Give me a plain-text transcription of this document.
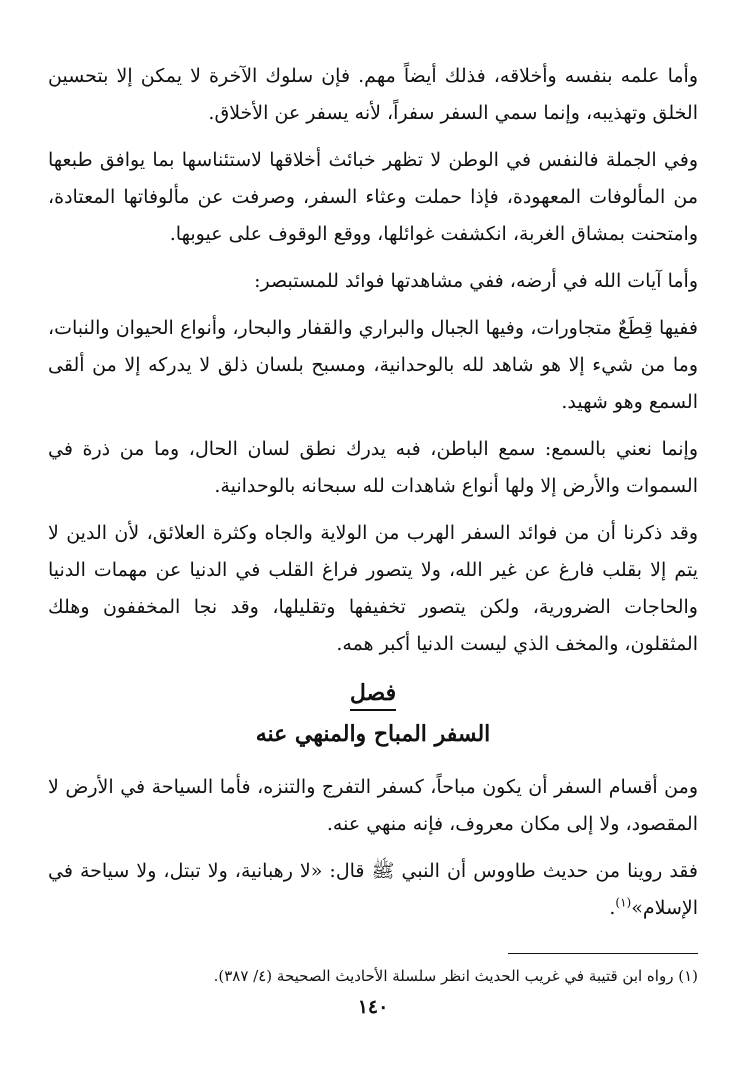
وأما علمه بنفسه وأخلاقه، فذلك أيضاً مهم. فإن سلوك الآخرة لا يمكن إلا بتحسين الخلق وتهذيبه، وإنما سمي السفر سفراً، لأنه يسفر عن الأخلاق.

وفي الجملة فالنفس في الوطن لا تظهر خبائث أخلاقها لاستئناسها بما يوافق طبعها من المألوفات المعهودة، فإذا حملت وعثاء السفر، وصرفت عن مألوفاتها المعتادة، وامتحنت بمشاق الغربة، انكشفت غوائلها، ووقع الوقوف على عيوبها.

وأما آيات الله في أرضه، ففي مشاهدتها فوائد للمستبصر:

ففيها قِطَعٌ متجاورات، وفيها الجبال والبراري والقفار والبحار، وأنواع الحيوان والنبات، وما من شيء إلا هو شاهد لله بالوحدانية، ومسبح بلسان ذلق لا يدركه إلا من ألقى السمع وهو شهيد.

وإنما نعني بالسمع: سمع الباطن، فبه يدرك نطق لسان الحال، وما من ذرة في السموات والأرض إلا ولها أنواع شاهدات لله سبحانه بالوحدانية.

وقد ذكرنا أن من فوائد السفر الهرب من الولاية والجاه وكثرة العلائق، لأن الدين لا يتم إلا بقلب فارغ عن غير الله، ولا يتصور فراغ القلب في الدنيا عن مهمات الدنيا والحاجات الضرورية، ولكن يتصور تخفيفها وتقليلها، وقد نجا المخففون وهلك المثقلون، والمخف الذي ليست الدنيا أكبر همه.

فصل
السفر المباح والمنهي عنه

ومن أقسام السفر أن يكون مباحاً، كسفر التفرج والتنزه، فأما السياحة في الأرض لا المقصود، ولا إلى مكان معروف، فإنه منهي عنه.

فقد روينا من حديث طاووس أن النبي ﷺ قال: «لا رهبانية، ولا تبتل، ولا سياحة في الإسلام»$^{(١)}$.

(١) رواه ابن قتيبة في غريب الحديث انظر سلسلة الأحاديث الصحيحة (٤/ ٣٨٧).
١٤٠
